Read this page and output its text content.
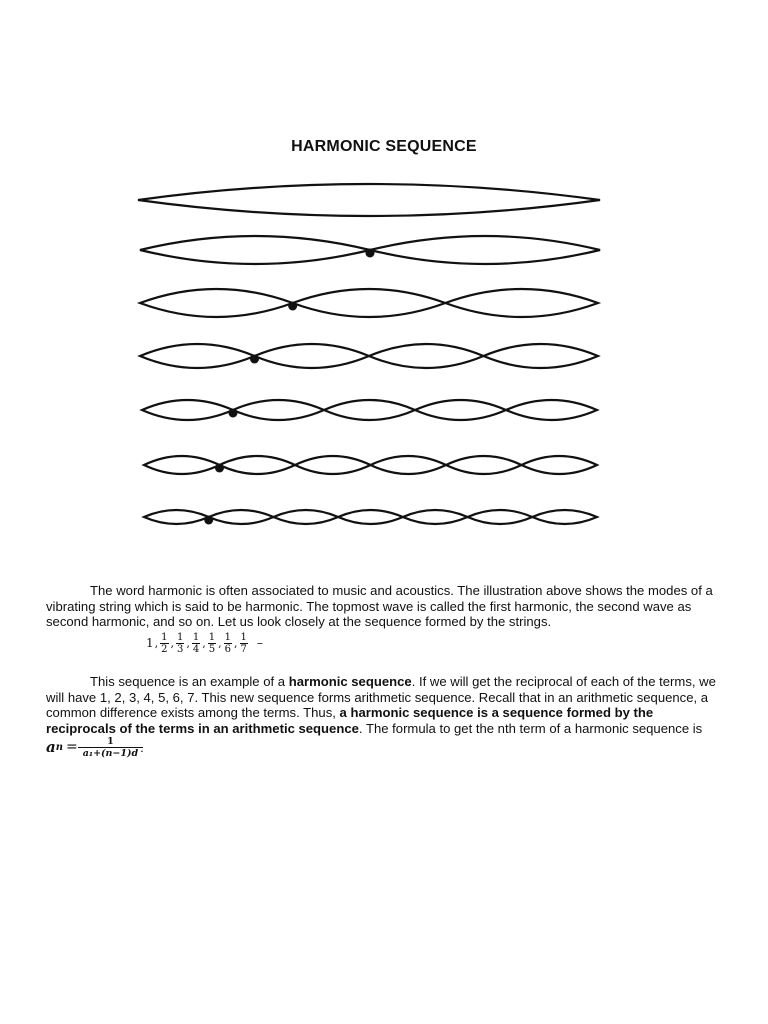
HARMONIC SEQUENCE
The word harmonic is often associated to music and acoustics. The illustration above shows the modes of a vibrating string which is said to be harmonic. The topmost wave is called the first harmonic, the second wave as second harmonic, and so on. Let us look closely at the sequence formed by the strings.
1 , $\frac{1}{2}$ , $\frac{1}{3}$ , $\frac{1}{4}$ , $\frac{1}{5}$ , $\frac{1}{6}$ , $\frac{1}{7}$ –
This sequence is an example of a harmonic sequence. If we will get the reciprocal of each of the terms, we will have 1, 2, 3, 4, 5, 6, 7. This new sequence forms arithmetic sequence. Recall that in an arithmetic sequence, a common difference exists among the terms. Thus, a harmonic sequence is a sequence formed by the reciprocals of the terms in an arithmetic sequence. The formula to get the nth term of a harmonic sequence is
a $n = \frac{1}{\text{a₁+(n−1)d}}$ .
